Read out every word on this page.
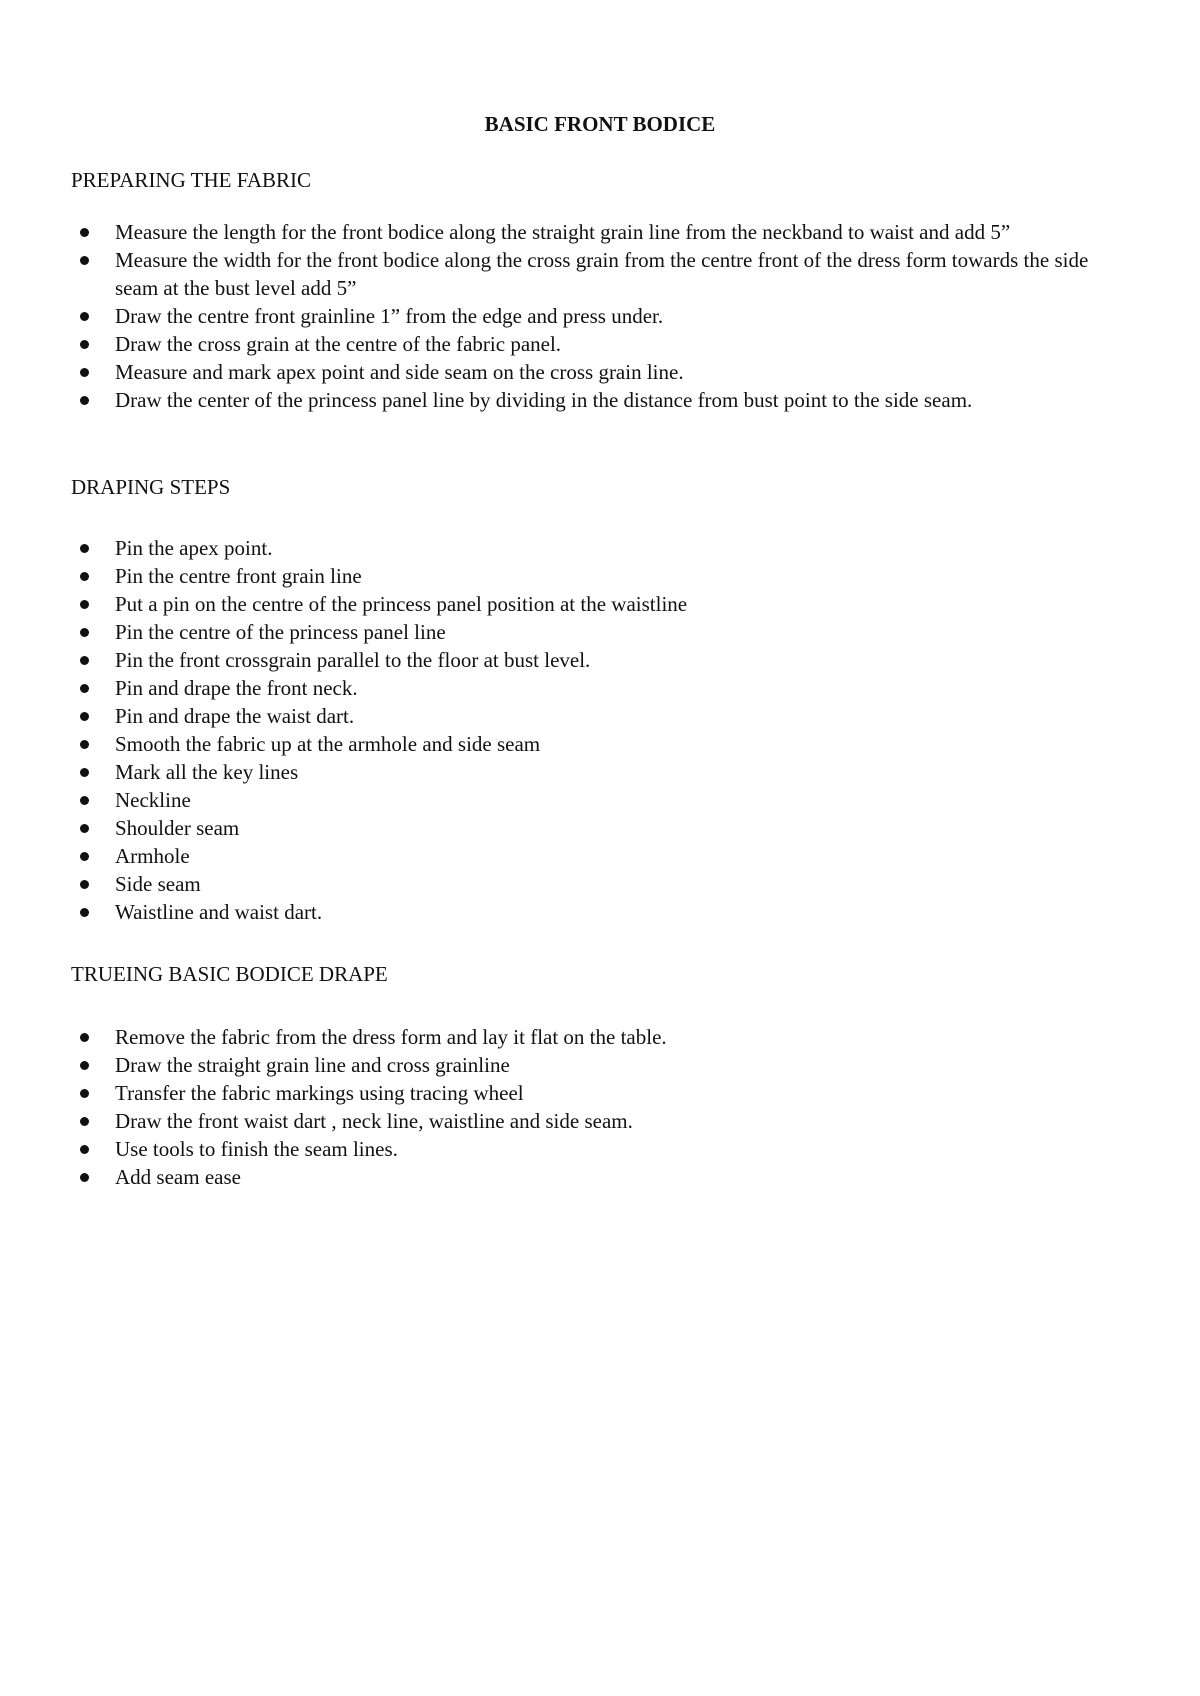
BASIC FRONT BODICE
PREPARING THE FABRIC
Measure the length for the front bodice along the straight grain line from the neckband to waist and add 5”
Measure the width for the front bodice along the cross grain from the centre front of the dress form towards the side seam at the bust level add 5”
Draw the centre front grainline 1” from the edge and press under.
Draw the cross grain at the centre of the fabric panel.
Measure and mark apex point and side seam on the cross grain line.
Draw the center of the princess panel line by dividing in the distance from bust point to the side seam.
DRAPING STEPS
Pin the apex point.
Pin the centre front grain line
Put a pin on the centre of the princess panel position at the waistline
Pin the centre of the princess panel line
Pin the front crossgrain parallel to the floor at bust level.
Pin and drape the front neck.
Pin and drape the waist dart.
Smooth the fabric up at the armhole and side seam
Mark all the key lines
Neckline
Shoulder seam
Armhole
Side seam
Waistline and waist dart.
TRUEING BASIC BODICE DRAPE
Remove the fabric from the dress form and lay it flat on the table.
Draw the straight grain line and cross grainline
Transfer the fabric markings using tracing wheel
Draw the front waist dart , neck line, waistline and side seam.
Use tools to finish the seam lines.
Add seam ease
